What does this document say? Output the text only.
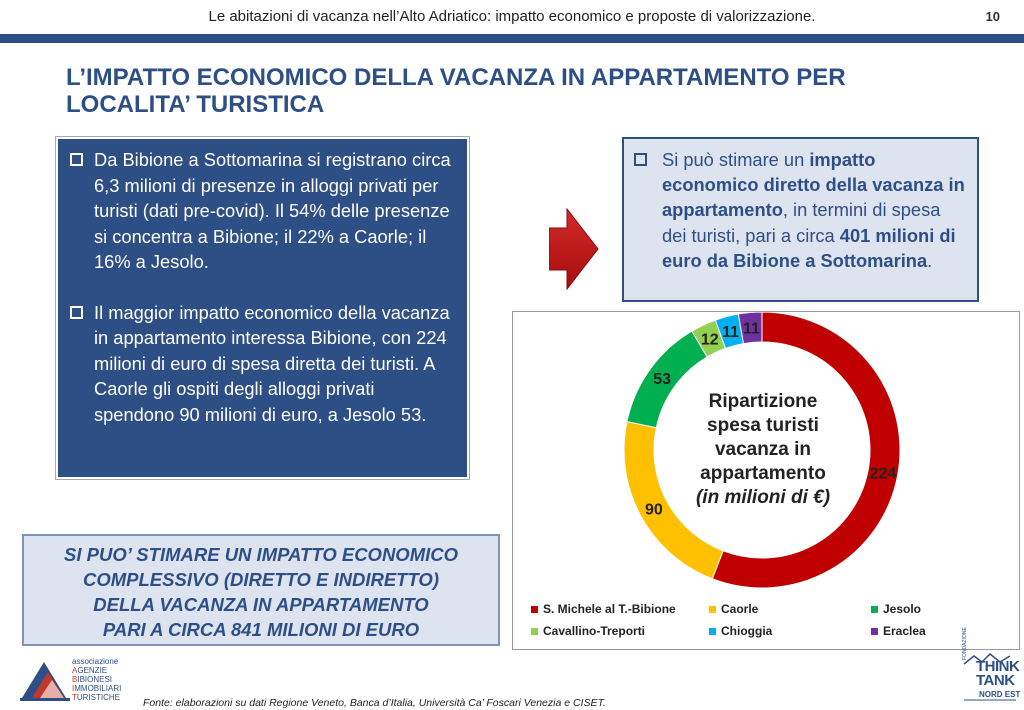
Le abitazioni di vacanza nell’Alto Adriatico: impatto economico e proposte di valorizzazione.	10
L’IMPATTO ECONOMICO DELLA VACANZA IN APPARTAMENTO PER
LOCALITA’ TURISTICA
Da Bibione a Sottomarina si registrano circa 6,3 milioni di presenze in alloggi privati per turisti (dati pre-covid). Il 54% delle presenze si concentra a Bibione; il 22% a Caorle; il 16% a Jesolo.
Il maggior impatto economico della vacanza in appartamento interessa Bibione, con 224 milioni di euro di spesa diretta dei turisti. A Caorle gli ospiti degli alloggi privati spendono 90 milioni di euro, a Jesolo 53.
Si può stimare un impatto economico diretto della vacanza in appartamento, in termini di spesa dei turisti, pari a circa 401 milioni di euro da Bibione a Sottomarina.
SI PUO’ STIMARE UN IMPATTO ECONOMICO
COMPLESSIVO (DIRETTO E INDIRETTO)
DELLA VACANZA IN APPARTAMENTO
PARI A CIRCA 841 MILIONI DI EURO
224
90
53
12 11 11
Ripartizione
spesa turisti
vacanza in
appartamento
(in milioni di €)
S. Michele al T.-Bibione	Caorle	Jesolo
Cavallino-Treporti	Chioggia	Eraclea
associazione
AGENZIE
BIBIONESI
IMMOBILIARI
TURISTICHE Fonte: elaborazioni su dati Regione Veneto, Banca d’Italia, Università Ca’ Foscari Venezia e CISET.
FONDAZIONE
THINK
TANK
NORD EST
